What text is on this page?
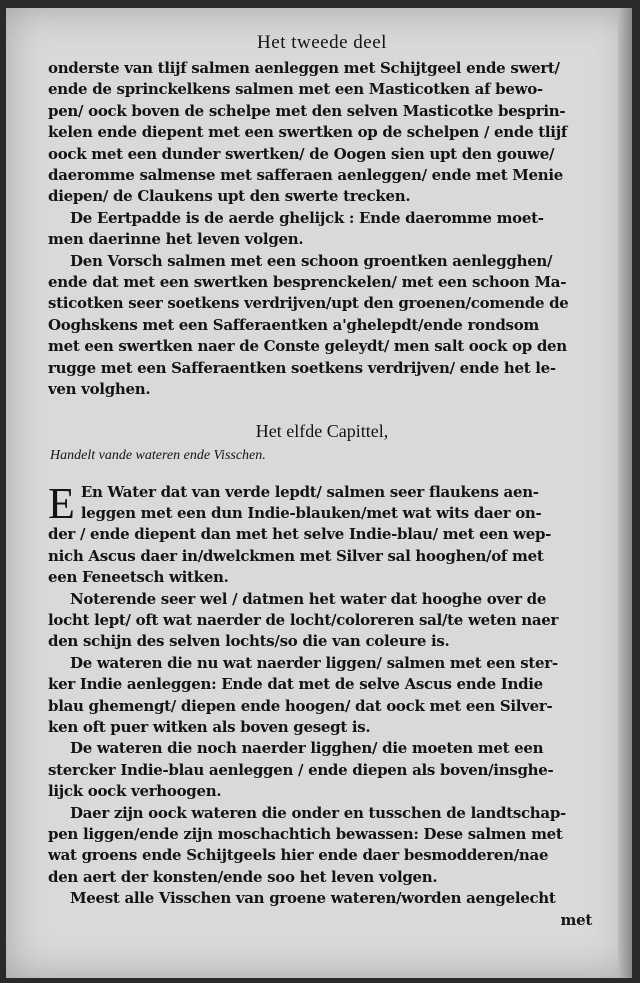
Het tweede deel
onderste van tlijf salmen aenleggen met Schijtgeel ende swert/
ende de sprinckelkens salmen met een Masticotken af bewo-
pen/ oock boven de schelpe met den selven Masticotke besprin-
kelen ende diepent met een swertken op de schelpen / ende tlijf
oock met een dunder swertken/ de Oogen sien upt den gouwe/
daeromme salmense met safferaen aenleggen/ ende met Menie
diepen/ de Claukens upt den swerte trecken.
De Eertpadde is de aerde ghelijck : Ende daeromme moet-
men daerinne het leven volgen.
Den Vorsch salmen met een schoon groentken aenlegghen/
ende dat met een swertken besprenckelen/ met een schoon Ma-
sticotken seer soetkens verdrijven/upt den groenen/comende de
Ooghskens met een Safferaentken a'ghelepdt/ende rondsom
met een swertken naer de Conste geleydt/ men salt oock op den
rugge met een Safferaentken soetkens verdrijven/ ende het le-
ven volghen.
Het elfde Capittel,
Handelt vande wateren ende Visschen.
E En Water dat van verde lepdt/ salmen seer flaukens aen-
leggen met een dun Indie-blauken/met wat wits daer on-
der / ende diepent dan met het selve Indie-blau/ met een wep-
nich Ascus daer in/dwelckmen met Silver sal hooghen/of met
een Feneetsch witken.
Noterende seer wel / datmen het water dat hooghe over de
locht lept/ oft wat naerder de locht/coloreren sal/te weten naer
den schijn des selven lochts/so die van coleure is.
De wateren die nu wat naerder liggen/ salmen met een ster-
ker Indie aenleggen: Ende dat met de selve Ascus ende Indie
blau ghemengt/ diepen ende hoogen/ dat oock met een Silver-
ken oft puer witken als boven gesegt is.
De wateren die noch naerder ligghen/ die moeten met een
stercker Indie-blau aenleggen / ende diepen als boven/insghe-
lijck oock verhoogen.
Daer zijn oock wateren die onder en tusschen de landtschap-
pen liggen/ende zijn moschachtich bewassen: Dese salmen met
wat groens ende Schijtgeels hier ende daer besmodderen/nae
den aert der konsten/ende soo het leven volgen.
Meest alle Visschen van groene wateren/worden aengelecht
met
